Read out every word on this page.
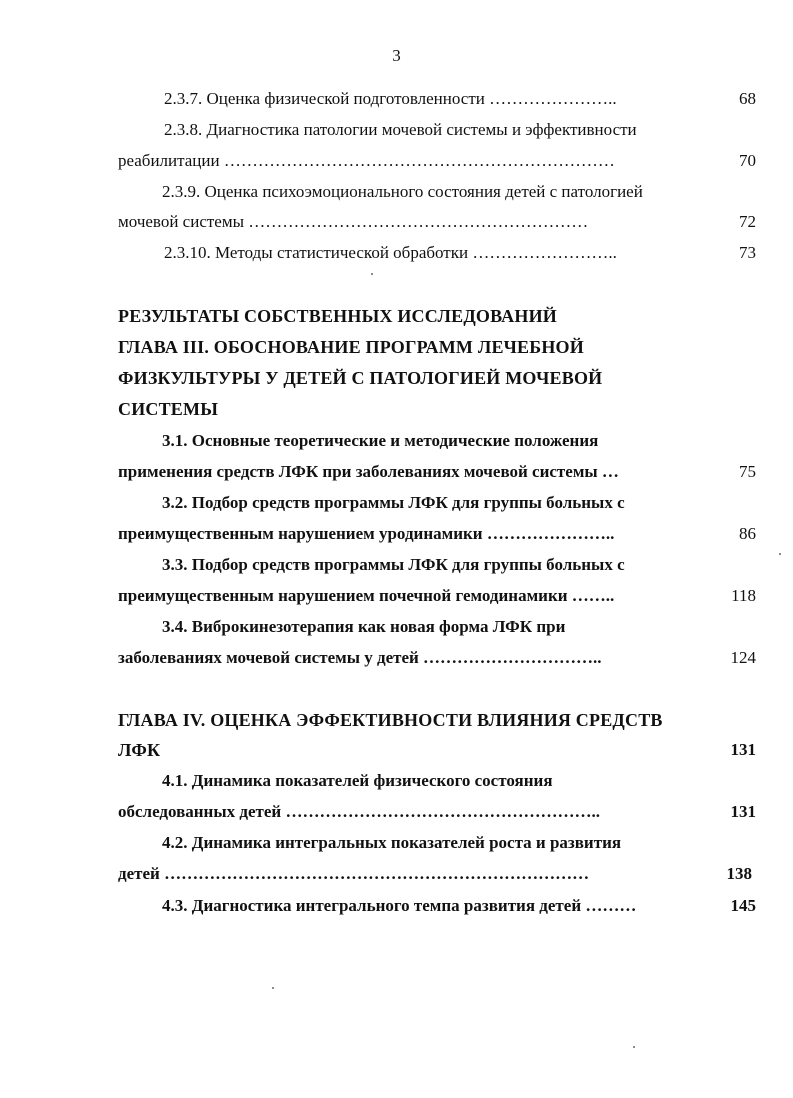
3
2.3.7. Оценка физической подготовленности …………………..	68
2.3.8. Диагностика патологии мочевой системы и эффективности
реабилитации ……………………………………………………………	70
2.3.9. Оценка психоэмоционального состояния детей с патологией
мочевой системы ……………………………………………………	72
2.3.10. Методы статистической обработки ……………………..	73
РЕЗУЛЬТАТЫ СОБСТВЕННЫХ ИССЛЕДОВАНИЙ
ГЛАВА III. ОБОСНОВАНИЕ ПРОГРАММ ЛЕЧЕБНОЙ
ФИЗКУЛЬТУРЫ У ДЕТЕЙ С ПАТОЛОГИЕЙ МОЧЕВОЙ
СИСТЕМЫ
3.1. Основные теоретические и методические положения
применения средств ЛФК при заболеваниях мочевой системы …	75
3.2. Подбор средств программы ЛФК для группы больных с
преимущественным нарушением уродинамики …………………..	86
3.3. Подбор средств программы ЛФК для группы больных с
преимущественным нарушением почечной гемодинамики ……..	118
3.4. Виброкинезотерапия как новая форма ЛФК при
заболеваниях мочевой системы у детей …………………………..	124
ГЛАВА IV. ОЦЕНКА ЭФФЕКТИВНОСТИ ВЛИЯНИЯ СРЕДСТВ
ЛФК	131
4.1. Динамика показателей физического состояния
обследованных детей ………………………………………………..	131
4.2. Динамика интегральных показателей роста и развития
детей …………………………………………………………………	138
4.3. Диагностика интегрального темпа развития детей ………	145
